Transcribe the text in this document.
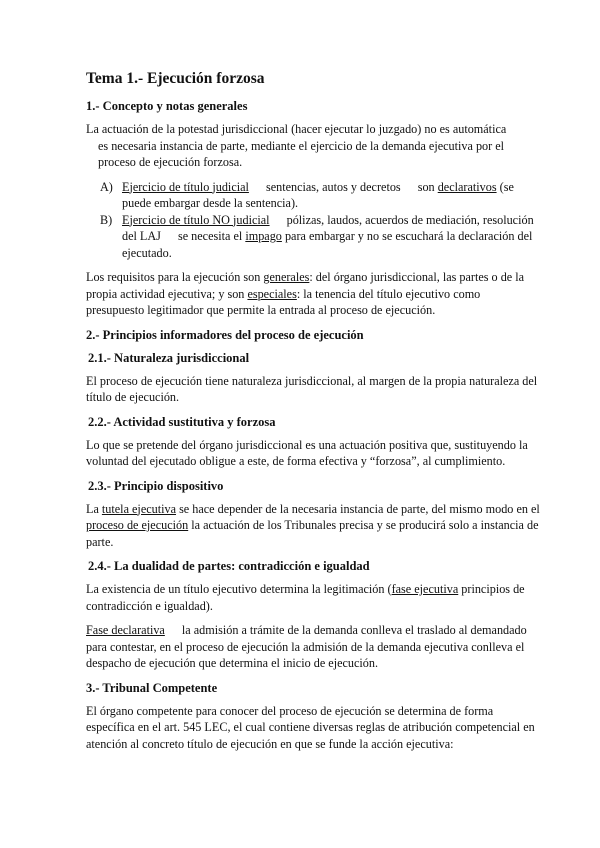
Tema 1.- Ejecución forzosa
1.- Concepto y notas generales

La actuación de la potestad jurisdiccional (hacer ejecutar lo juzgado) no es automática
es necesaria instancia de parte, mediante el ejercicio de la demanda ejecutiva por el proceso de ejecución forzosa.

A) Ejercicio de título judicial sentencias, autos y decretos son declarativos (se puede embargar desde la sentencia).
B) Ejercicio de título NO judicial pólizas, laudos, acuerdos de mediación, resolución del LAJ se necesita el impago para embargar y no se escuchará la declaración del ejecutado.

Los requisitos para la ejecución son generales: del órgano jurisdiccional, las partes o de la propia actividad ejecutiva; y son especiales: la tenencia del título ejecutivo como presupuesto legitimador que permite la entrada al proceso de ejecución.

2.- Principios informadores del proceso de ejecución
2.1.- Naturaleza jurisdiccional

El proceso de ejecución tiene naturaleza jurisdiccional, al margen de la propia naturaleza del título de ejecución.

2.2.- Actividad sustitutiva y forzosa

Lo que se pretende del órgano jurisdiccional es una actuación positiva que, sustituyendo la voluntad del ejecutado obligue a este, de forma efectiva y “forzosa”, al cumplimiento.

2.3.- Principio dispositivo

La tutela ejecutiva se hace depender de la necesaria instancia de parte, del mismo modo en el proceso de ejecución la actuación de los Tribunales precisa y se producirá solo a instancia de parte.

2.4.- La dualidad de partes: contradicción e igualdad

La existencia de un título ejecutivo determina la legitimación (fase ejecutiva principios de contradicción e igualdad).

Fase declarativa la admisión a trámite de la demanda conlleva el traslado al demandado para contestar, en el proceso de ejecución la admisión de la demanda ejecutiva conlleva el despacho de ejecución que determina el inicio de ejecución.

3.- Tribunal Competente

El órgano competente para conocer del proceso de ejecución se determina de forma específica en el art. 545 LEC, el cual contiene diversas reglas de atribución competencial en atención al concreto título de ejecución en que se funde la acción ejecutiva:
